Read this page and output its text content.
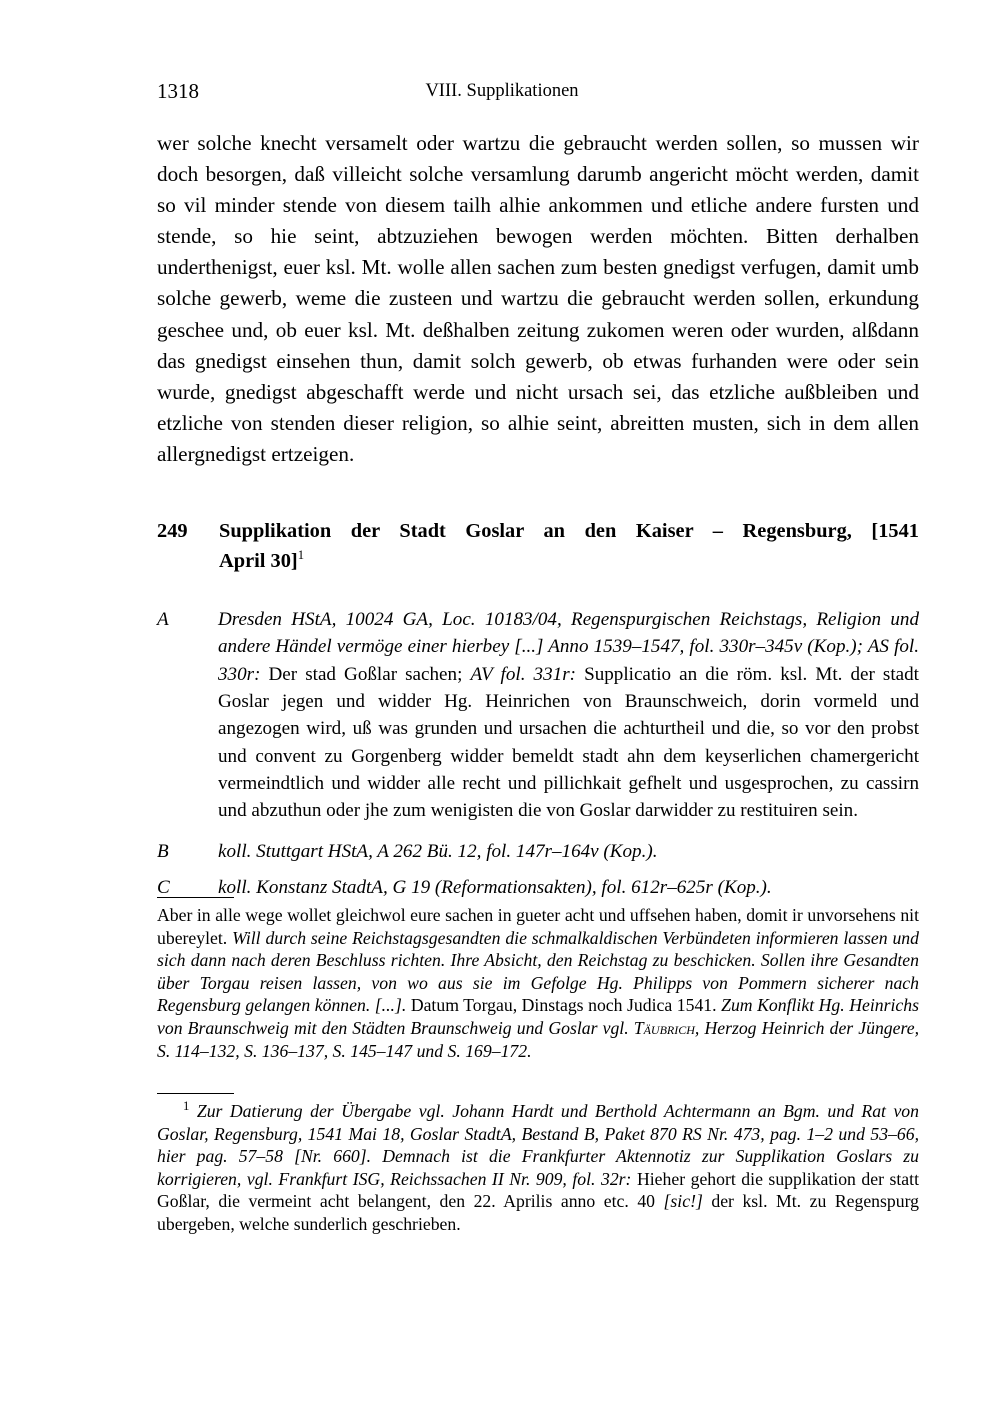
1318	VIII. Supplikationen

wer solche knecht versamelt oder wartzu die gebraucht werden sollen, so mussen wir doch besorgen, daß villeicht solche versamlung darumb angericht möcht werden, damit so vil minder stende von diesem tailh alhie ankommen und etliche andere fursten und stende, so hie seint, abtzuziehen bewogen werden möchten. Bitten derhalben underthenigst, euer ksl. Mt. wolle allen sachen zum besten gnedigst verfugen, damit umb solche gewerb, weme die zusteen und wartzu die gebraucht werden sollen, erkundung geschee und, ob euer ksl. Mt. deßhalben zeitung zukomen weren oder wurden, alßdann das gnedigst einsehen thun, damit solch gewerb, ob etwas furhanden were oder sein wurde, gnedigst abgeschafft werde und nicht ursach sei, das etzliche außbleiben und etzliche von stenden dieser religion, so alhie seint, abreitten musten, sich in dem allen allergnedigst ertzeigen.

249 Supplikation der Stadt Goslar an den Kaiser – Regensburg, [1541
April 30]$^1$
A	Dresden HStA, 10024 GA, Loc. 10183/04, Regenspurgischen Reichstags, Religion und andere Händel vermöge einer hierbey [...] Anno 1539–1547, fol. 330r–345v (Kop.); AS fol. 330r: Der stad Goßlar sachen; AV fol. 331r: Supplicatio an die röm. ksl. Mt. der stadt Goslar jegen und widder Hg. Heinrichen von Braunschweich, dorin vormeld und angezogen wird, uß was grunden und ursachen die achturtheil und die, so vor den probst und convent zu Gorgenberg widder bemeldt stadt ahn dem keyserlichen chamergericht vermeindtlich und widder alle recht und pillichkait gefhelt und usgesprochen, zu cassirn und abzuthun oder jhe zum wenigisten die von Goslar darwidder zu restituiren sein.
B	koll. Stuttgart HStA, A 262 Bü. 12, fol. 147r–164v (Kop.).
C	koll. Konstanz StadtA, G 19 (Reformationsakten), fol. 612r–625r (Kop.).

Aber in alle wege wollet gleichwol eure sachen in gueter acht und uffsehen haben, domit ir unvorsehens nit ubereylet. Will durch seine Reichstagsgesandten die schmalkaldischen Verbündeten informieren lassen und sich dann nach deren Beschluss richten. Ihre Absicht, den Reichstag zu beschicken. Sollen ihre Gesandten über Torgau reisen lassen, von wo aus sie im Gefolge Hg. Philipps von Pommern sicherer nach Regensburg gelangen können. [...]. Datum Torgau, Dinstags noch Judica 1541. Zum Konflikt Hg. Heinrichs von Braunschweig mit den Städten Braunschweig und Goslar vgl. Täubrich, Herzog Heinrich der Jüngere, S. 114–132, S. 136–137, S. 145–147 und S. 169–172.

$^1$ Zur Datierung der Übergabe vgl. Johann Hardt und Berthold Achtermann an Bgm. und Rat von Goslar, Regensburg, 1541 Mai 18, Goslar StadtA, Bestand B, Paket 870 RS Nr. 473, pag. 1–2 und 53–66, hier pag. 57–58 [Nr. 660]. Demnach ist die Frankfurter Aktennotiz zur Supplikation Goslars zu korrigieren, vgl. Frankfurt ISG, Reichssachen II Nr. 909, fol. 32r: Hieher gehort die supplikation der statt Goßlar, die vermeint acht belangent, den 22. Aprilis anno etc. 40 [sic!] der ksl. Mt. zu Regenspurg ubergeben, welche sunderlich geschrieben.
